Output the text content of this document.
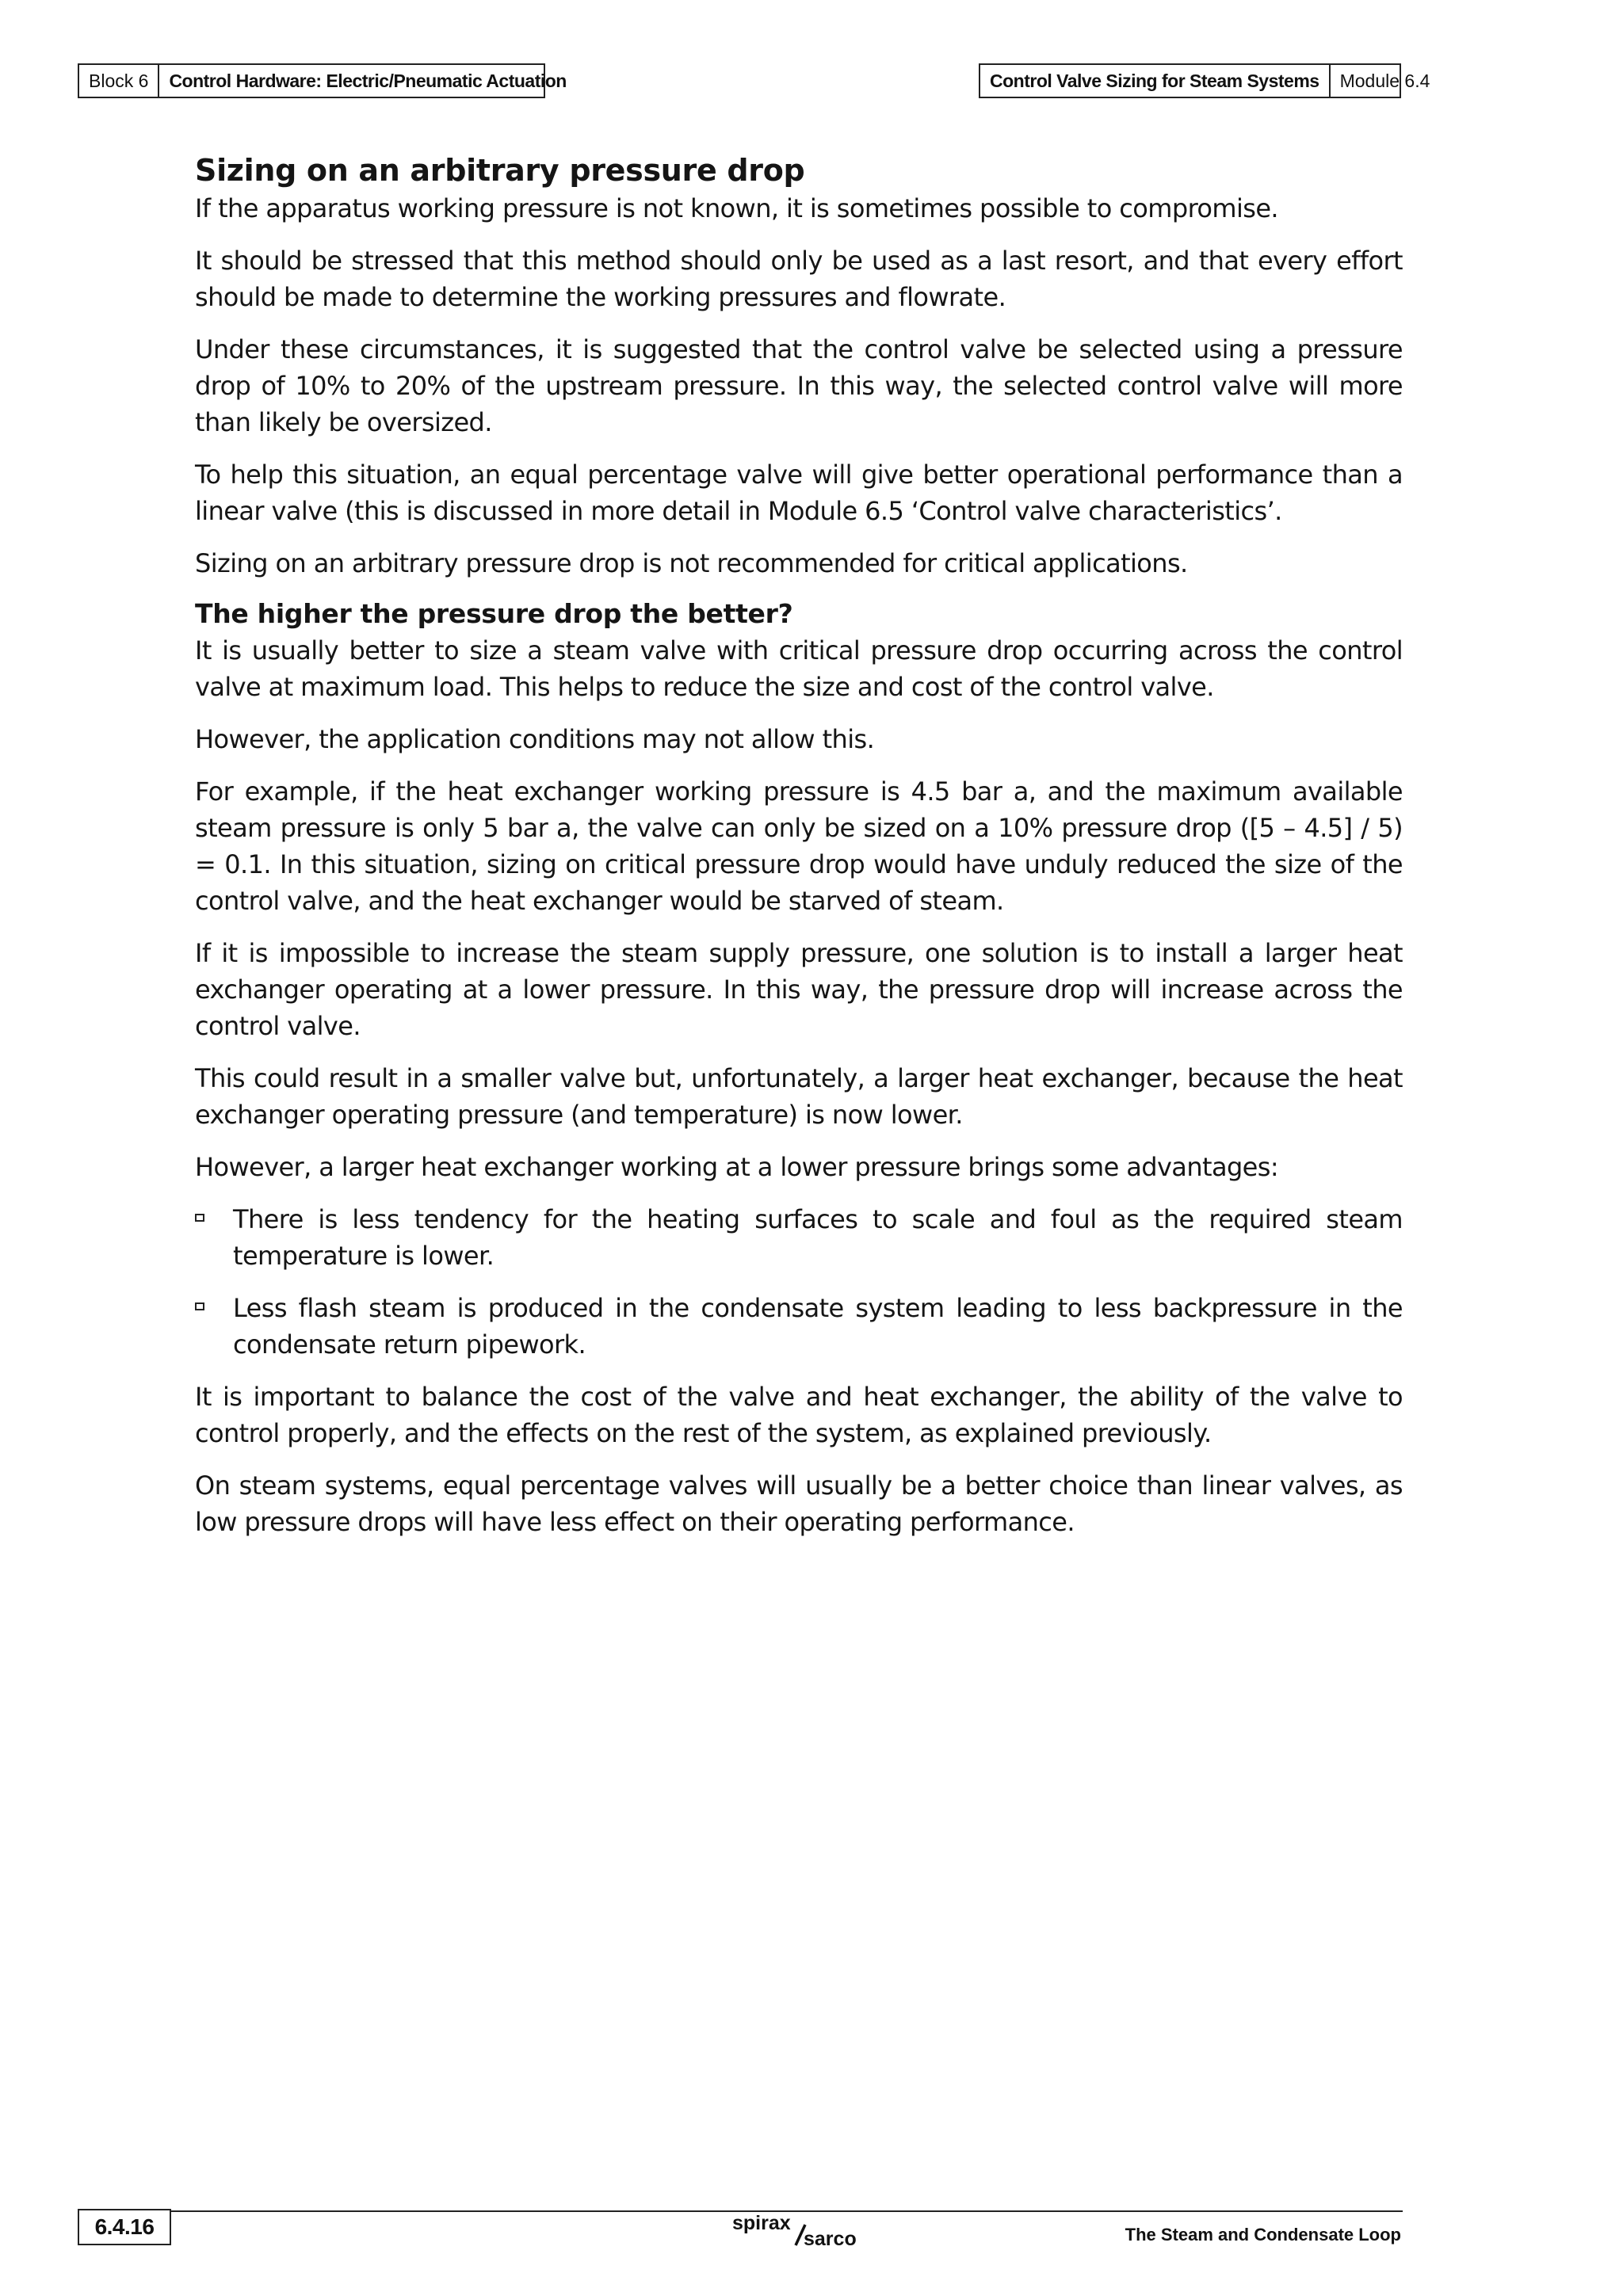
Block 6	Control Hardware: Electric/Pneumatic Actuation	Control Valve Sizing for Steam Systems	Module 6.4
Sizing on an arbitrary pressure drop

If the apparatus working pressure is not known, it is sometimes possible to compromise.

It should be stressed that this method should only be used as a last resort, and that every effort should be made to determine the working pressures and flowrate.

Under these circumstances, it is suggested that the control valve be selected using a pressure drop of 10% to 20% of the upstream pressure. In this way, the selected control valve will more than likely be oversized.

To help this situation, an equal percentage valve will give better operational performance than a linear valve (this is discussed in more detail in Module 6.5 ‘Control valve characteristics’.

Sizing on an arbitrary pressure drop is not recommended for critical applications.

The higher the pressure drop the better?

It is usually better to size a steam valve with critical pressure drop occurring across the control valve at maximum load. This helps to reduce the size and cost of the control valve.

However, the application conditions may not allow this.

For example, if the heat exchanger working pressure is 4.5 bar a, and the maximum available steam pressure is only 5 bar a, the valve can only be sized on a 10% pressure drop ([5 – 4.5] / 5) = 0.1. In this situation, sizing on critical pressure drop would have unduly reduced the size of the control valve, and the heat exchanger would be starved of steam.

If it is impossible to increase the steam supply pressure, one solution is to install a larger heat exchanger operating at a lower pressure. In this way, the pressure drop will increase across the control valve.

This could result in a smaller valve but, unfortunately, a larger heat exchanger, because the heat exchanger operating pressure (and temperature) is now lower.

However, a larger heat exchanger working at a lower pressure brings some advantages:

There is less tendency for the heating surfaces to scale and foul as the required steam temperature is lower.
Less flash steam is produced in the condensate system leading to less backpressure in the condensate return pipework.

It is important to balance the cost of the valve and heat exchanger, the ability of the valve to control properly, and the effects on the rest of the system, as explained previously.

On steam systems, equal percentage valves will usually be a better choice than linear valves, as low pressure drops will have less effect on their operating performance.

6.4.16	spirax
sarco	The Steam and Condensate Loop
